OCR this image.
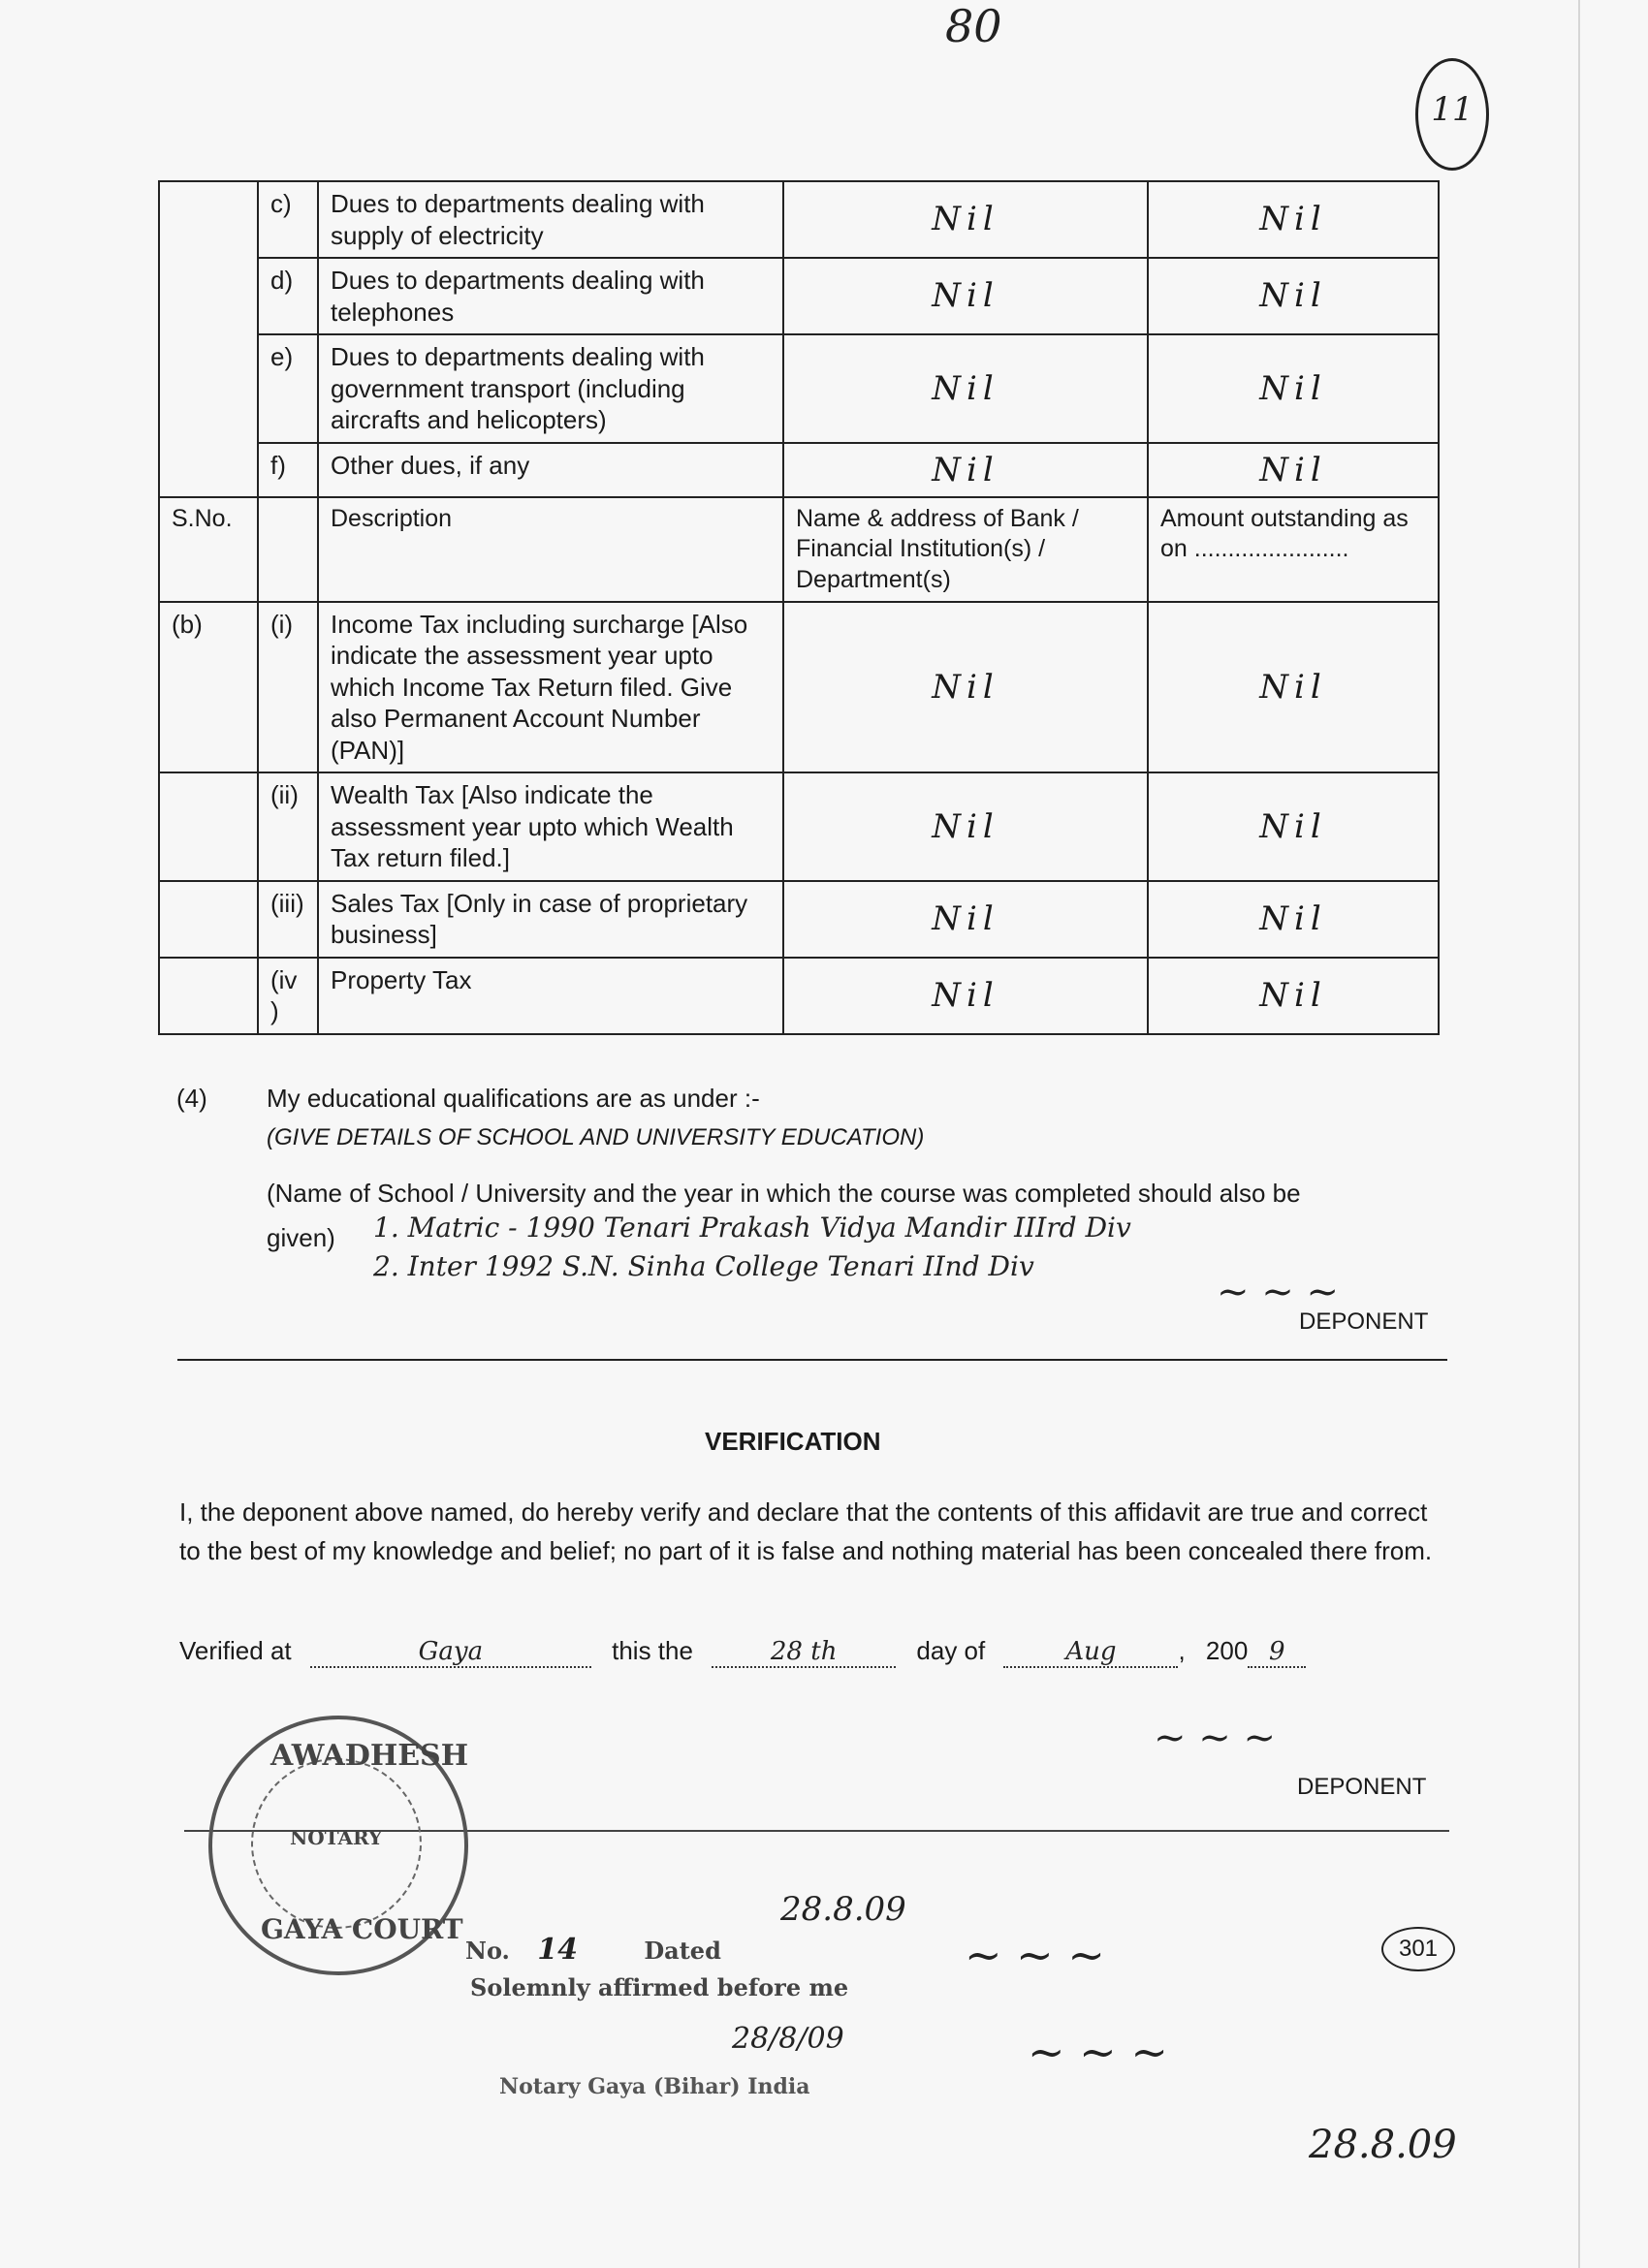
80
11
	c)	Dues to departments dealing with supply of electricity	Nil	Nil
	d)	Dues to departments dealing with telephones	Nil	Nil
	e)	Dues to departments dealing with government transport (including aircrafts and helicopters)	Nil	Nil
	f)	Other dues, if any	Nil	Nil
S.No.		Description	Name & address of Bank / Financial Institution(s) / Department(s)	Amount outstanding as on .......................
(b)	(i)	Income Tax including surcharge [Also indicate the assessment year upto which Income Tax Return filed. Give also Permanent Account Number (PAN)]	Nil	Nil
	(ii)	Wealth Tax [Also indicate the assessment year upto which Wealth Tax return filed.]	Nil	Nil
	(iii)	Sales Tax [Only in case of proprietary business]	Nil	Nil
	(iv )	Property Tax	Nil	Nil
(4) My educational qualifications are as under :-
(GIVE DETAILS OF SCHOOL AND UNIVERSITY EDUCATION)
(Name of School / University and the year in which the course was completed should also be
given) 1. Matric - 1990 Tenari Prakash Vidya Mandir IIIrd Div
2. Inter 1992 S.N. Sinha College Tenari IInd Div
~ ~ ~
DEPONENT
VERIFICATION
I, the deponent above named, do hereby verify and declare that the contents of this affidavit are true and correct to the best of my knowledge and belief; no part of it is false and nothing material has been concealed there from.
Verified at	Gaya	this the	28 th	day of	Aug , 200 9
~ ~ ~
DEPONENT
AWADHESH
NOTARY
GAYA COURT
No. 14	Dated
28.8.09
Solemnly affirmed before me
28/8/09
Notary Gaya (Bihar) India
~ ~ ~	301
~ ~ ~
28.8.09
